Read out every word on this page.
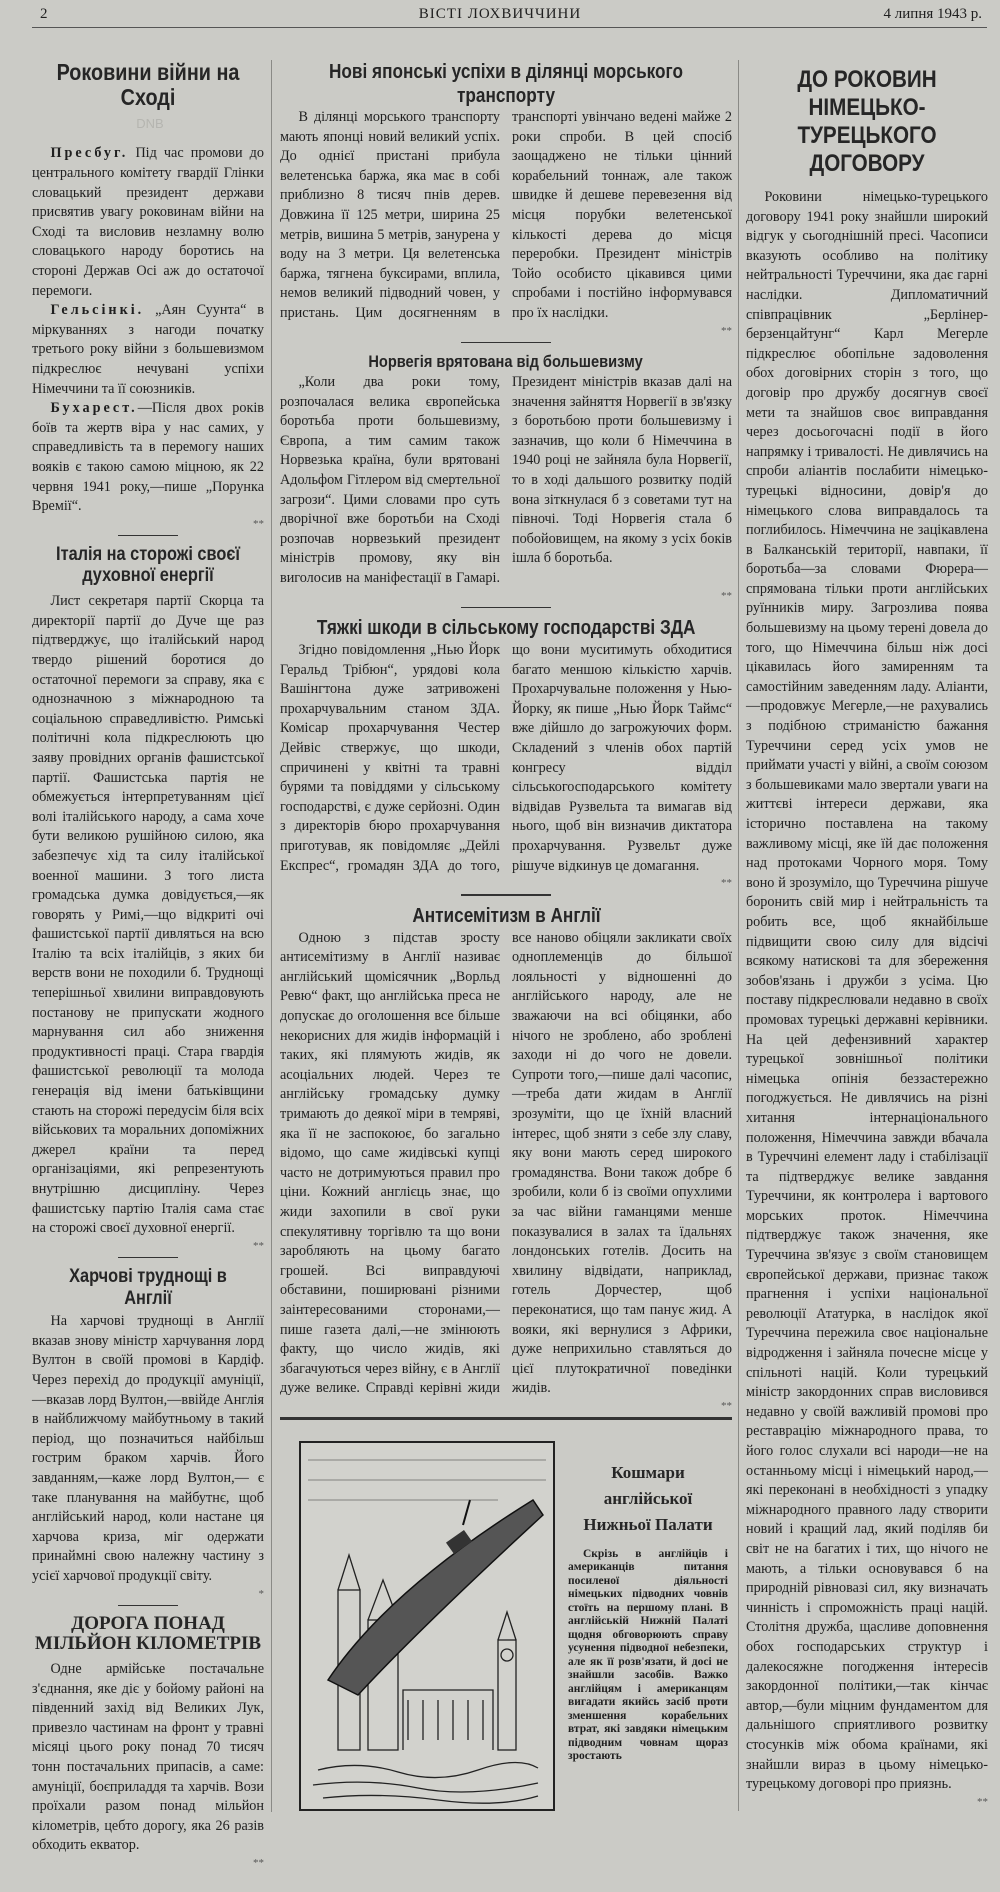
2	ВІСТІ ЛОХВИЧЧИНИ	4 липня 1943 р.
Роковини війни на СходіDNB

Пресбуг. Під час промови до центрального комітету гвардії Глінки словацький президент держави присвятив увагу роковинам війни на Сході та висловив незламну волю словацького народу боротись на стороні Держав Осі аж до остаточої перемоги.

Гельсінкі. „Аян Суунта“ в міркуваннях з нагоди початку третього року війни з большевизмом підкреслює нечувані успіхи Німеччини та її союзників.

Бухарест.—Після двох років боїв та жертв віра у нас самих, у справедливість та в перемогу наших вояків є такою самою міцною, як 22 червня 1941 року,—пише „Порунка Времії“.

**
Італія на сторожі своєї духовної енергії

Лист секретаря партії Скорца та директорії партії до Дуче ще раз підтверджує, що італійський народ твердо рішений боротися до остаточної перемоги за справу, яка є однозначною з міжнародною та соціальною справедливістю. Римські політичні кола підкреслюють цю заяву провідних органів фашистської партії. Фашистська партія не обмежується інтерпретуванням цієї волі італійського народу, а сама хоче бути великою рушійною силою, яка забезпечує хід та силу італійської военної машини. З того листа громадська думка довідується,—як говорять у Римі,—що відкриті очі фашистської партії дивляться на всю Італію та всіх італійців, з яких би верств вони не походили б. Труднощі теперішньої хвилини виправдовують постанову не припускати жодного марнування сил або зниження продуктивності праці. Стара гвардія фашистської революції та молода генерація від імени батьківщини стають на сторожі передусім біля всіх військових та моральних допоміжних джерел країни та перед організаціями, які репрезентують внутрішню дисципліну. Через фашистську партію Італія сама стає на сторожі своєї духовної енергії.

**
Харчові труднощі в Англії

На харчові труднощі в Англії вказав знову міністр харчування лорд Вултон в своїй промові в Кардіф. Через перехід до продукції амуніції,—вказав лорд Вултон,—ввійде Англія в найближчому майбутньому в такий період, що позначиться найбільш гострим браком харчів. Його завданням,—каже лорд Вултон,— є таке планування на майбутнє, щоб англійський народ, коли настане ця харчова криза, міг одержати принаймні свою належну частину з усієї харчової продукції світу.

*
ДОРОГА ПОНАД МІЛЬЙОН КІЛОМЕТРІВ

Одне армійське постачальне з'єднання, яке діє у бойому районі на південний захід від Великих Лук, привезло частинам на фронт у травні місяці цього року понад 70 тисяч тонн постачальних припасів, а саме: амуніції, боєприладдя та харчів. Вози проїхали разом понад мільйон кілометрів, цебто дорогу, яка 26 разів обходить екватор.

**
Нові японські успіхи в ділянці морського транспорту

В ділянці морського транспорту мають японці новий великий успіх. До однієї пристані прибула велетенська баржа, яка має в собі приблизно 8 тисяч пнів дерев. Довжина її 125 метри, ширина 25 метрів, вишина 5 метрів, занурена у воду на 3 метри. Ця велетенська баржа, тягнена буксирами, вплила, немов великий підводний човен, у пристань. Цим досягненням в транспорті увінчано ведені майже 2 роки спроби. В цей спосіб заощаджено не тільки цінний корабельний тоннаж, але також швидке й дешеве перевезення від місця порубки велетенської кількості дерева до місця переробки. Президент міністрів Тойо особисто цікавився цими спробами і постійно інформувався про їх наслідки.

**
Норвегія врятована від большевизму

„Коли два роки тому, розпочалася велика європейська боротьба проти большевизму, Європа, а тим самим також Норвезька країна, були врятовані Адольфом Гітлером від смертельної загрози“. Цими словами про суть дворічної вже боротьби на Сході розпочав норвезький президент міністрів промову, яку він виголосив на маніфестації в Гамарі. Президент міністрів вказав далі на значення зайняття Норвегії в зв'язку з боротьбою проти большевизму і зазначив, що коли б Німеччина в 1940 році не зайняла була Норвегії, то в ході дальшого розвитку подій вона зіткнулася б з советами тут на півночі. Тоді Норвегія стала б побойовищем, на якому з усіх боків ішла б боротьба.

**
Тяжкі шкоди в сільському господарстві ЗДА

Згідно повідомлення „Нью Йорк Геральд Трібюн“, урядові кола Вашінгтона дуже затривожені прохарчувальним станом ЗДА. Комісар прохарчування Честер Дейвіс ствержує, що шкоди, спричинені у квітні та травні бурями та повіддями у сільському господарстві, є дуже серйозні. Один з директорів бюро прохарчування приготував, як повідомляє „Дейлі Експрес“, громадян ЗДА до того, що вони муситимуть обходитися багато меншою кількістю харчів. Прохарчувальне положення у Нью-Йорку, як пише „Нью Йорк Таймс“ вже дійшло до загрожуючих форм. Складений з членів обох партій конгресу відділ сільськогосподарського комітету відвідав Рузвельта та вимагав від нього, щоб він визначив диктатора прохарчування. Рузвельт дуже рішуче відкинув це домагання.

**
Антисемітизм в Англії

Одною з підстав зросту антисемітизму в Англії називає англійський щомісячник „Ворльд Ревю“ факт, що англійська преса не допускає до оголошення все більше некорисних для жидів інформацій і таких, які плямують жидів, як асоціальних людей. Через те англійську громадську думку тримають до деякої міри в темряві, яка її не заспокоює, бо загально відомо, що саме жидівські купці часто не дотримуються правил про ціни. Кожний англієць знає, що жиди захопили в свої руки спекулятивну торгівлю та що вони заробляють на цьому багато грошей. Всі виправдуючі обставини, поширювані різними заінтересованими сторонами,—пише газета далі,—не змінюють факту, що число жидів, які збагачуються через війну, є в Англії дуже велике. Справді керівні жиди все наново обіцяли закликати своїх одноплеменців до більшої лояльності у відношенні до англійського народу, але не зважаючи на всі обіцянки, або нічого не зроблено, або зроблені заходи ні до чого не довели. Супроти того,—пише далі часопис,—треба дати жидам в Англії зрозуміти, що це їхній власний інтерес, щоб зняти з себе злу славу, яку вони мають серед широкого громадянства. Вони також добре б зробили, коли б із своїми опухлими за час війни гаманцями менше показувалися в залах та їдальнях лондонських готелів. Досить на хвилину відвідати, наприклад, готель Дорчестер, щоб переконатися, що там панує жид. А вояки, які вернулися з Африки, дуже неприхильно ставляться до цієї плутократичної поведінки жидів.

**
Кошмари англійської Нижньої Палати

Скрізь в англійців і американців питання посиленої діяльності німецьких підводних човнів стоїть на першому плані. В англійській Нижній Палаті щодня обговорюють справу усунення підводної небезпеки, але як її розв'язати, й досі не знайшли засобів. Важко англійцям і американцям вигадати якийсь засіб проти зменшення корабельних втрат, які завдяки німецьким підводним човнам щораз зростають

ДО РОКОВИН НІМЕЦЬКО-ТУРЕЦЬКОГО ДОГОВОРУ

Роковини німецько-турецького договору 1941 року знайшли широкий відгук у сьогоднішній пресі. Часописи вказують особливо на політику нейтральності Туреччини, яка дає гарні наслідки. Дипломатичний співпрацівник „Берлінер-берзенцайтунг“ Карл Мегерле підкреслює обопільне задоволення обох договірних сторін з того, що договір про дружбу досягнув своєї мети та знайшов своє виправдання через досьогочасні події в його напрямку і тривалості. Не дивлячись на спроби аліантів послабити німецько-турецькі відносини, довір'я до німецького слова виправдалось та поглибилось. Німеччина не зацікавлена в Балканській території, навпаки, її боротьба—за словами Фюрера—спрямована тільки проти англійських руїнників миру. Загрозлива поява большевизму на цьому терені довела до того, що Німеччина більш ніж досі цікавилась його замиренням та самостійним заведенням ладу. Аліанти,—продовжує Мегерле,—не рахувались з подібною стриманістю бажання Туреччини серед усіх умов не приймати участі у війні, а своїм союзом з большевиками мало звертали уваги на життєві інтереси держави, яка історично поставлена на такому важливому місці, яке їй дає положення над протоками Чорного моря. Тому воно й зрозуміло, що Туреччина рішуче боронить свій мир і нейтральність та робить все, щоб якнайбільше підвищити свою силу для відсічі всякому натискові та для збереження зобов'язань і дружби з усіма. Цю поставу підкреслювали недавно в своїх промовах турецькі державні керівники. На цей дефензивний характер турецької зовнішньої політики німецька опінія беззастережно погоджується. Не дивлячись на різні хитання інтернаціонального положення, Німеччина завжди вбачала в Туреччині елемент ладу і стабілізації та підтверджує велике завдання Туреччини, як контролера і вартового морських проток. Німеччина підтверджує також значення, яке Туреччина зв'язує з своїм становищем європейської держави, признає також прагнення і успіхи національної революції Ататурка, в наслідок якої Туреччина пережила своє національне відродження і зайняла почесне місце у спільноті націй. Коли турецький міністр закордонних справ висловився недавно у своїй важливій промові про реставрацію міжнародного права, то його голос слухали всі народи—не на останньому місці і німецький народ,—які переконані в необхідності з упадку міжнародного правного ладу створити новий і кращий лад, який поділяв би світ не на багатих і тих, що нічого не мають, а тільки основувався б на природній рівновазі сил, яку визначать чинність і спроможність праці націй. Столітня дружба, щасливе доповнення обох господарських структур і далекосяжне погодження інтересів закордонної політики,—так кінчає автор,—були міцним фундаментом для дальнішого сприятливого розвитку стосунків між обома країнами, які знайшли вираз в цьому німецько-турецькому договорі про приязнь.

**
